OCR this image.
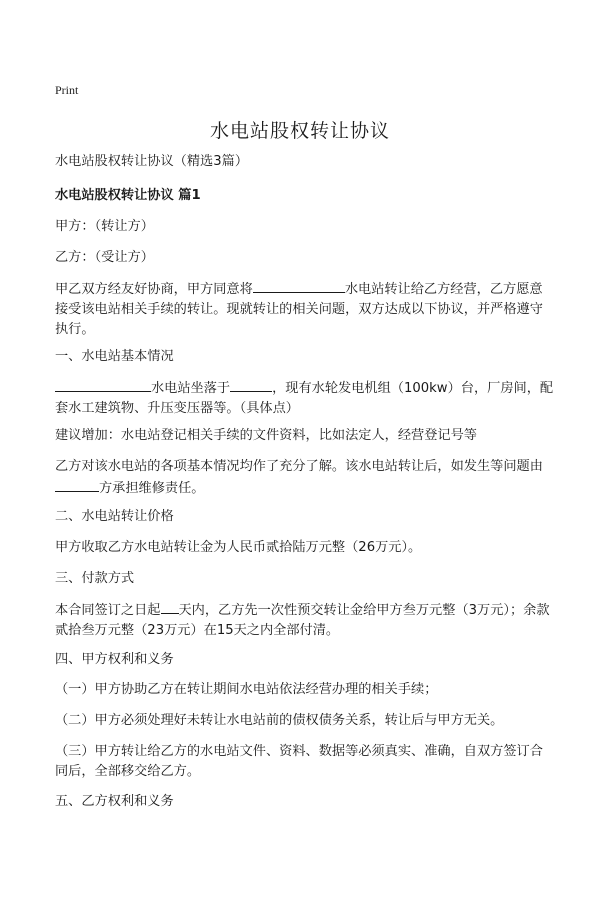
Print
水电站股权转让协议

水电站股权转让协议（精选3篇）

水电站股权转让协议 篇1

甲方：（转让方）

乙方：（受让方）

甲乙双方经友好协商，甲方同意将	水电站转让给乙方经营，乙方愿意接受该电站相关手续的转让。现就转让的相关问题，双方达成以下协议，并严格遵守执行。

一、水电站基本情况

水电站坐落于	，现有水轮发电机组（100kw）台，厂房间，配套水工建筑物、升压变压器等。（具体点）

建议增加：水电站登记相关手续的文件资料，比如法定人，经营登记号等

乙方对该水电站的各项基本情况均作了充分了解。该水电站转让后，如发生等问题由方承担维修责任。

二、水电站转让价格

甲方收取乙方水电站转让金为人民币贰拾陆万元整（26万元）。

三、付款方式

本合同签订之日起 天内，乙方先一次性预交转让金给甲方叁万元整（3万元）；余款贰拾叁万元整（23万元）在15天之内全部付清。

四、甲方权利和义务

（一）甲方协助乙方在转让期间水电站依法经营办理的相关手续；

（二）甲方必须处理好未转让水电站前的债权债务关系，转让后与甲方无关。

（三）甲方转让给乙方的水电站文件、资料、数据等必须真实、准确，自双方签订合同后，全部移交给乙方。

五、乙方权利和义务
